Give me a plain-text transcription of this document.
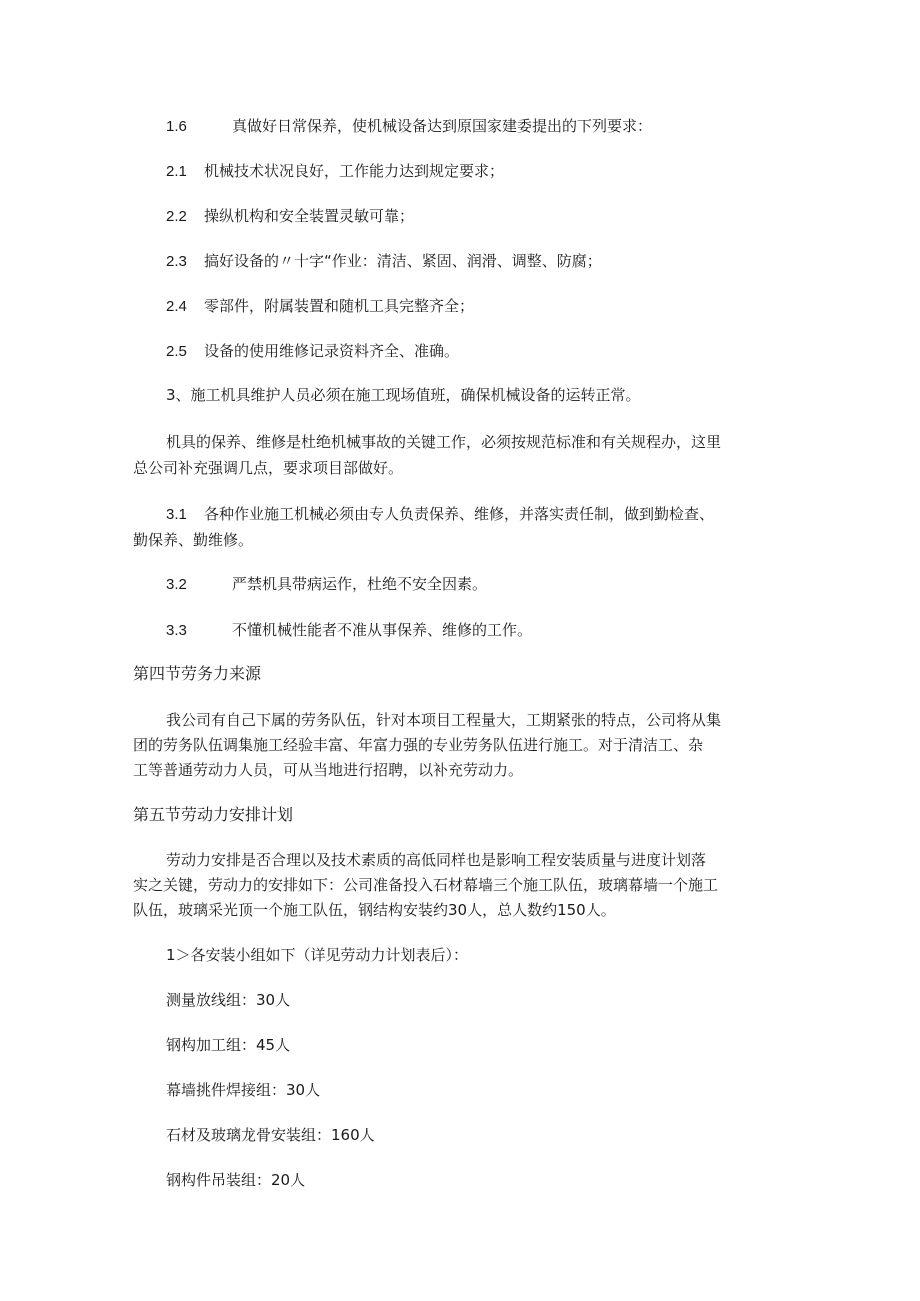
1.6	真做好日常保养，使机械设备达到原国家建委提出的下列要求：
2.1 机械技术状况良好，工作能力达到规定要求；
2.2 操纵机构和安全装置灵敏可靠；
2.3 搞好设备的〃十字“作业：清洁、紧固、润滑、调整、防腐；
2.4 零部件，附属装置和随机工具完整齐全；
2.5 设备的使用维修记录资料齐全、准确。
3、施工机具维护人员必须在施工现场值班，确保机械设备的运转正常。
机具的保养、维修是杜绝机械事故的关键工作，必须按规范标准和有关规程办，这里
总公司补充强调几点，要求项目部做好。
3.1 各种作业施工机械必须由专人负责保养、维修，并落实责任制，做到勤检查、
勤保养、勤维修。
3.2	严禁机具带病运作，杜绝不安全因素。
3.3	不懂机械性能者不准从事保养、维修的工作。
第四节劳务力来源
我公司有自己下属的劳务队伍，针对本项目工程量大，工期紧张的特点，公司将从集
团的劳务队伍调集施工经验丰富、年富力强的专业劳务队伍进行施工。对于清洁工、杂
工等普通劳动力人员，可从当地进行招聘，以补充劳动力。
第五节劳动力安排计划
劳动力安排是否合理以及技术素质的高低同样也是影响工程安装质量与进度计划落
实之关键，劳动力的安排如下：公司准备投入石材幕墙三个施工队伍，玻璃幕墙一个施工
队伍，玻璃采光顶一个施工队伍，钢结构安装约30人，总人数约150人。
1＞各安装小组如下（详见劳动力计划表后）：
测量放线组：30人
钢构加工组：45人
幕墙挑件焊接组：30人
石材及玻璃龙骨安装组：160人
钢构件吊装组：20人
